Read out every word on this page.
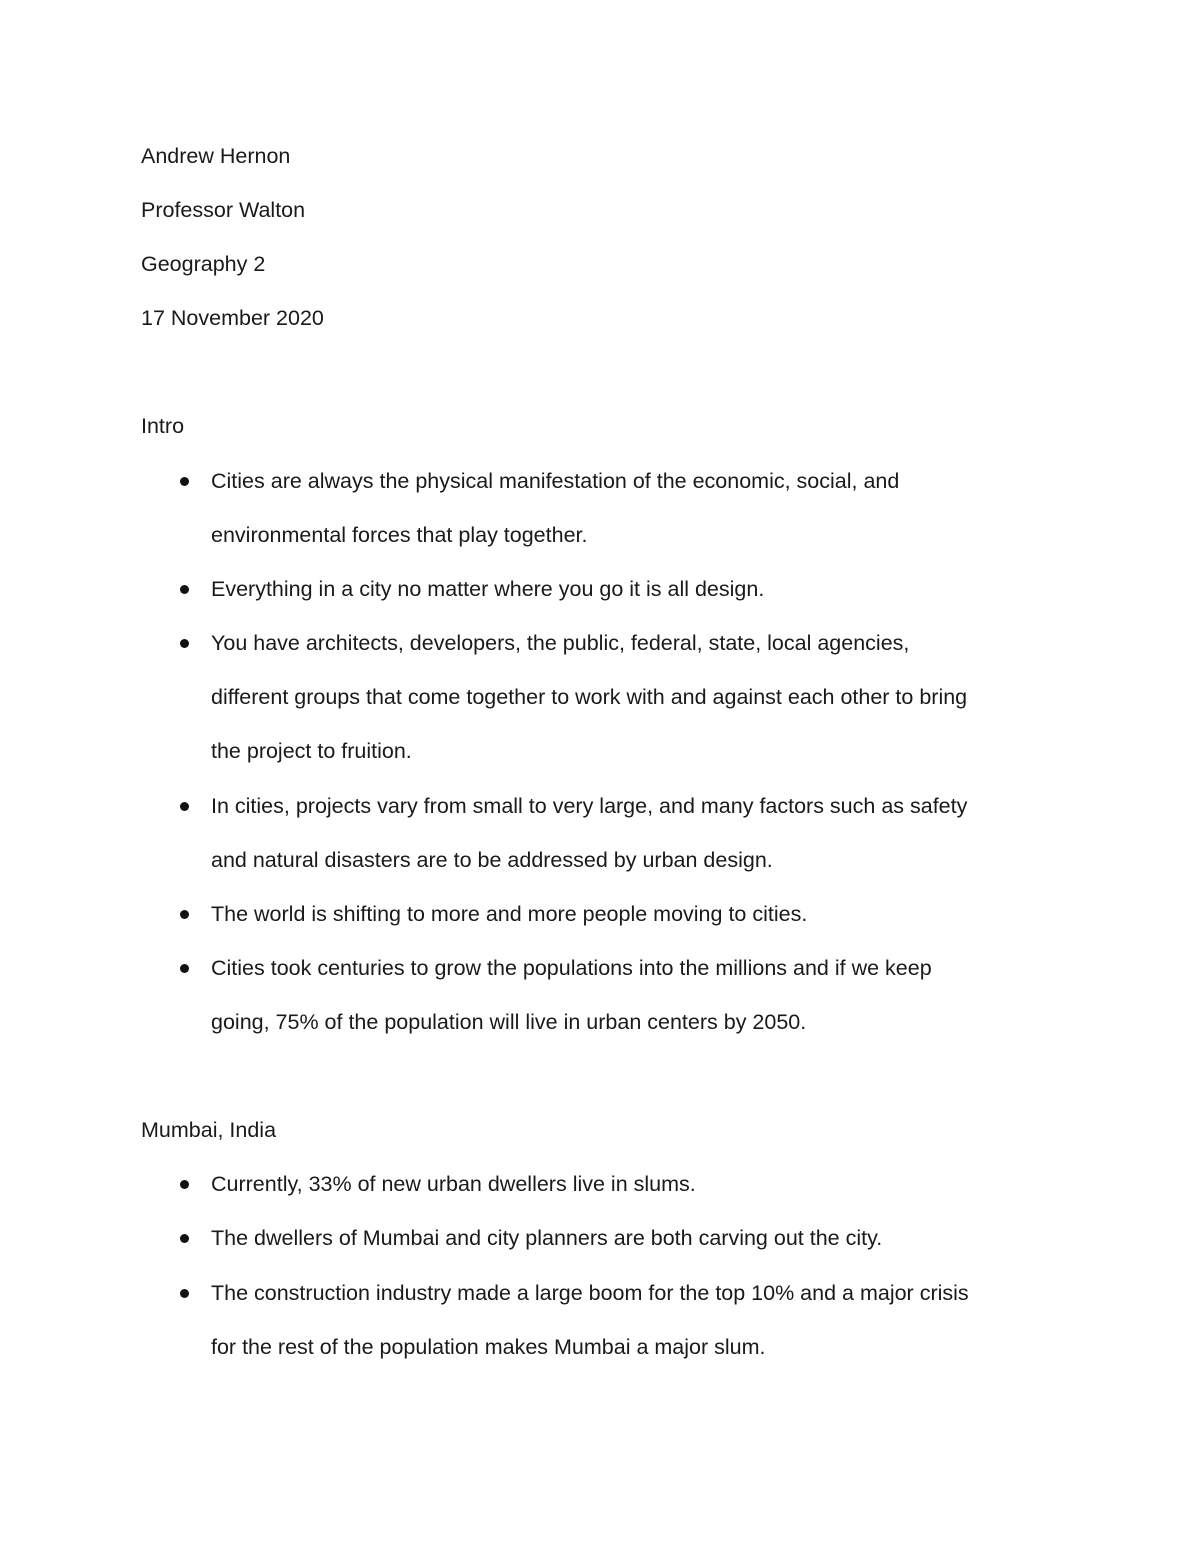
Andrew Hernon
Professor Walton
Geography 2
17 November 2020
Intro
Cities are always the physical manifestation of the economic, social, and
environmental forces that play together.
Everything in a city no matter where you go it is all design.
You have architects, developers, the public, federal, state, local agencies,
different groups that come together to work with and against each other to bring
the project to fruition.
In cities, projects vary from small to very large, and many factors such as safety
and natural disasters are to be addressed by urban design.
The world is shifting to more and more people moving to cities.
Cities took centuries to grow the populations into the millions and if we keep
going, 75% of the population will live in urban centers by 2050.
Mumbai, India
Currently, 33% of new urban dwellers live in slums.
The dwellers of Mumbai and city planners are both carving out the city.
The construction industry made a large boom for the top 10% and a major crisis
for the rest of the population makes Mumbai a major slum.
